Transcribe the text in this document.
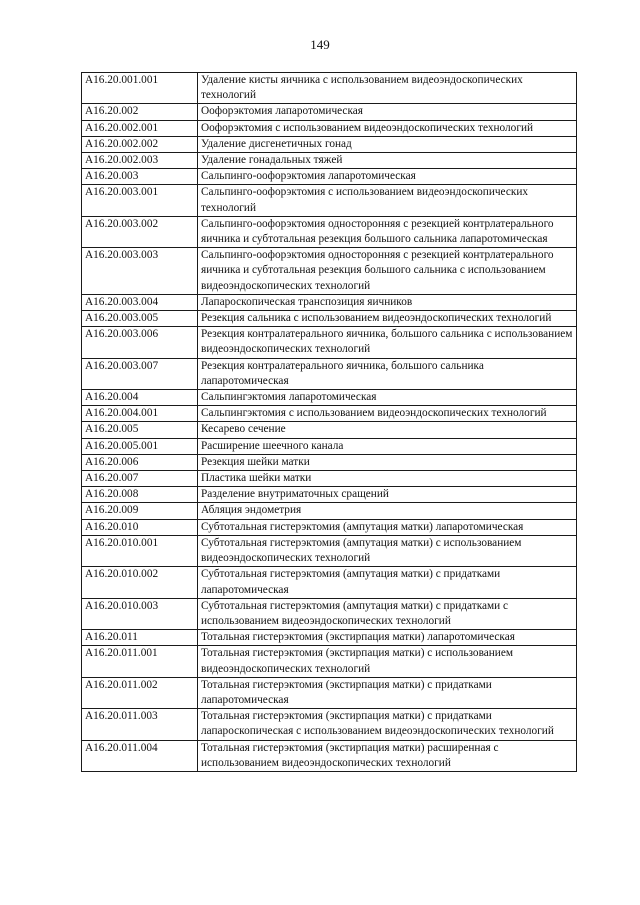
149
A16.20.001.001	Удаление кисты яичника с использованием видеоэндоскопических технологий
A16.20.002	Оофорэктомия лапаротомическая
A16.20.002.001	Оофорэктомия с использованием видеоэндоскопических технологий
A16.20.002.002	Удаление дисгенетичных гонад
A16.20.002.003	Удаление гонадальных тяжей
A16.20.003	Сальпинго-оофорэктомия лапаротомическая
A16.20.003.001	Сальпинго-оофорэктомия с использованием видеоэндоскопических технологий
A16.20.003.002	Сальпинго-оофорэктомия односторонняя с резекцией контрлатерального яичника и субтотальная резекция большого сальника лапаротомическая
A16.20.003.003	Сальпинго-оофорэктомия односторонняя с резекцией контрлатерального яичника и субтотальная резекция большого сальника с использованием видеоэндоскопических технологий
A16.20.003.004	Лапароскопическая транспозиция яичников
A16.20.003.005	Резекция сальника с использованием видеоэндоскопических технологий
A16.20.003.006	Резекция контралатерального яичника, большого сальника с использованием видеоэндоскопических технологий
A16.20.003.007	Резекция контралатерального яичника, большого сальника лапаротомическая
A16.20.004	Сальпингэктомия лапаротомическая
A16.20.004.001	Сальпингэктомия с использованием видеоэндоскопических технологий
A16.20.005	Кесарево сечение
A16.20.005.001	Расширение шеечного канала
A16.20.006	Резекция шейки матки
A16.20.007	Пластика шейки матки
A16.20.008	Разделение внутриматочных сращений
A16.20.009	Абляция эндометрия
A16.20.010	Субтотальная гистерэктомия (ампутация матки) лапаротомическая
A16.20.010.001	Субтотальная гистерэктомия (ампутация матки) с использованием видеоэндоскопических технологий
A16.20.010.002	Субтотальная гистерэктомия (ампутация матки) с придатками лапаротомическая
A16.20.010.003	Субтотальная гистерэктомия (ампутация матки) с придатками с использованием видеоэндоскопических технологий
A16.20.011	Тотальная гистерэктомия (экстирпация матки) лапаротомическая
A16.20.011.001	Тотальная гистерэктомия (экстирпация матки) с использованием видеоэндоскопических технологий
A16.20.011.002	Тотальная гистерэктомия (экстирпация матки) с придатками лапаротомическая
A16.20.011.003	Тотальная гистерэктомия (экстирпация матки) с придатками лапароскопическая с использованием видеоэндоскопических технологий
A16.20.011.004	Тотальная гистерэктомия (экстирпация матки) расширенная с использованием видеоэндоскопических технологий
